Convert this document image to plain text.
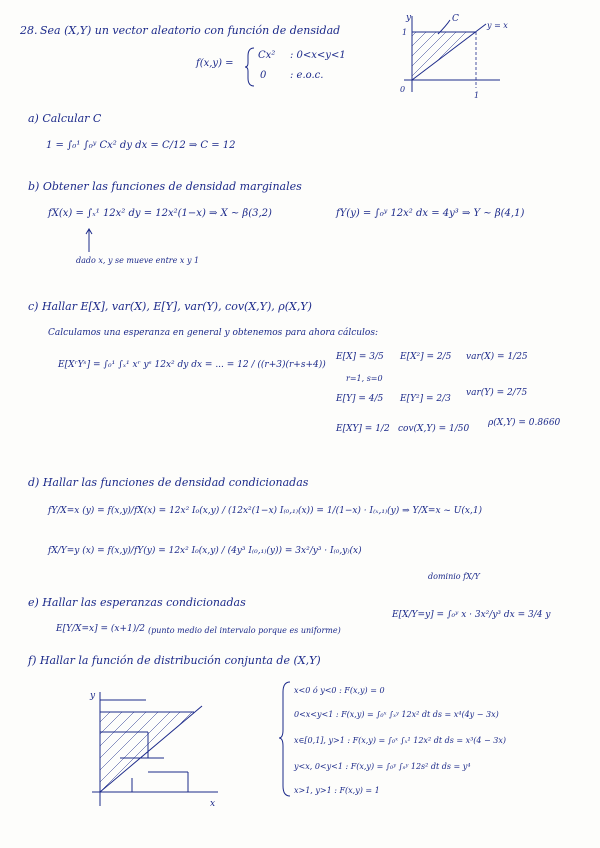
28. Sea (X,Y) un vector aleatorio con función de densidad
f(x,y) =
Cx² : 0<x<y<1
0 : e.o.c.
y	C
y = x
1
1
0
a) Calcular C
1 = ∫₀¹ ∫₀ʸ Cx² dy dx = C/12 ⇒ C = 12
b) Obtener las funciones de densidad marginales
fX(x) = ∫ₓ¹ 12x² dy = 12x²(1−x) ⇒ X ~ β(3,2)	fY(y) = ∫₀ʸ 12x² dx = 4y³ ⇒ Y ~ β(4,1)
dado x, y se mueve entre x y 1
c) Hallar E[X], var(X), E[Y], var(Y), cov(X,Y), ρ(X,Y)
Calculamos una esperanza en general y obtenemos para ahora cálculos:
E[XʳYˢ] = ∫₀¹ ∫ₓ¹ xʳ yˢ 12x² dy dx = ... = 12 / ((r+3)(r+s+4))
E[X] = 3/5 E[X²] = 2/5 var(X) = 1/25
r=1, s=0
E[Y] = 4/5 E[Y²] = 2/3
var(Y) = 2/75
E[XY] = 1/2 cov(X,Y) = 1/50
ρ(X,Y) = 0.8660
d) Hallar las funciones de densidad condicionadas
fY/X=x (y) = f(x,y)/fX(x) = 12x² I₀(x,y) / (12x²(1−x) I₍₀,₁₎(x)) = 1/(1−x) · I₍ₓ,₁₎(y) ⇒ Y/X=x ~ U(x,1)
fX/Y=y (x) = f(x,y)/fY(y) = 12x² I₀(x,y) / (4y³ I₍₀,₁₎(y)) = 3x²/y³ · I₍₀,y₎(x)
e) Hallar las esperanzas condicionadas
dominio fX/Y
E[Y/X=x] = (x+1)/2 (punto medio del intervalo porque es uniforme)
E[X/Y=y] = ∫₀ʸ x · 3x²/y³ dx = 3/4 y
f) Hallar la función de distribución conjunta de (X,Y)
y
x
x<0 ó y<0 : F(x,y) = 0
0<x<y<1 : F(x,y) = ∫₀ˣ ∫ₓʸ 12x² dt ds = x⁴(4y − 3x)
x∈[0,1], y>1 : F(x,y) = ∫₀ˣ ∫ₓ¹ 12x² dt ds = x³(4 − 3x)
y<x, 0<y<1 : F(x,y) = ∫₀ʸ ∫ₛʸ 12s² dt ds = y⁴
x>1, y>1 : F(x,y) = 1
